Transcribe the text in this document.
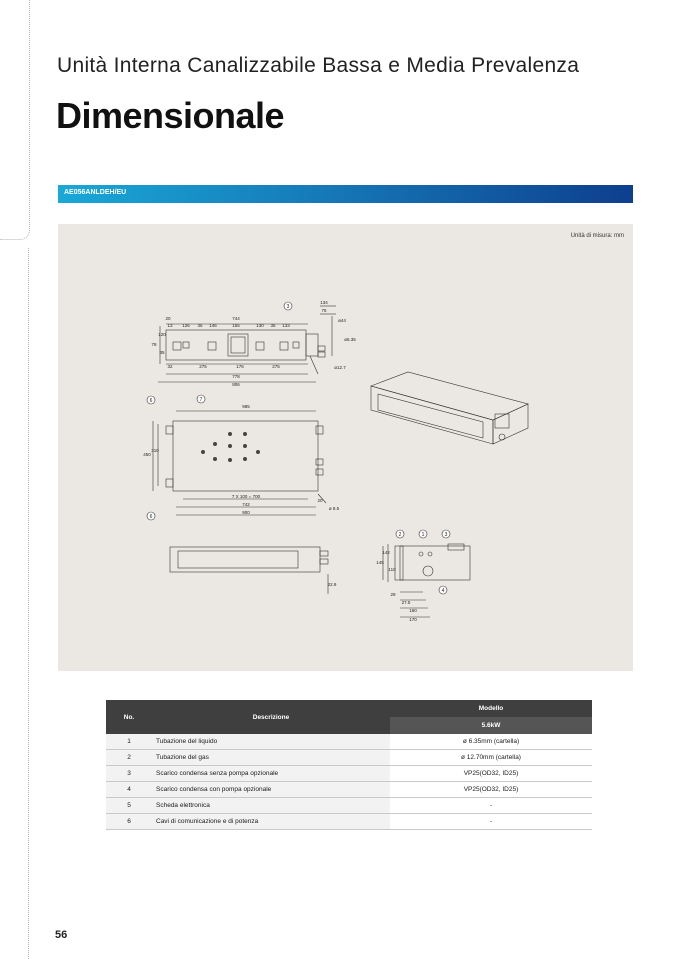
Unità Interna Canalizzabile Bassa e Media Prevalenza
Dimensionale
AE056ANLDEH/EU
Unità di misura: mm
3
6	7
6
2	1	3
4
20	744
134
13 126 35 146	155	130 35 133
76
78
120
35
32	275	176	275
778
806
ø44
ø6.35
ø12.7
985
450
310
7 X 100 = 700
742
900
20
ø 8.5
145
142
110
22.9
29
27.5
160
170
No.	Descrizione	Modello
		5.6kW
1	Tubazione del liquido	ø 6.35mm (cartella)
2	Tubazione del gas	ø 12.70mm (cartella)
3	Scarico condensa senza pompa opzionale	VP25(OD32, ID25)
4	Scarico condensa con pompa opzionale	VP25(OD32, ID25)
5	Scheda elettronica	-
6	Cavi di comunicazione e di potenza	-
56
